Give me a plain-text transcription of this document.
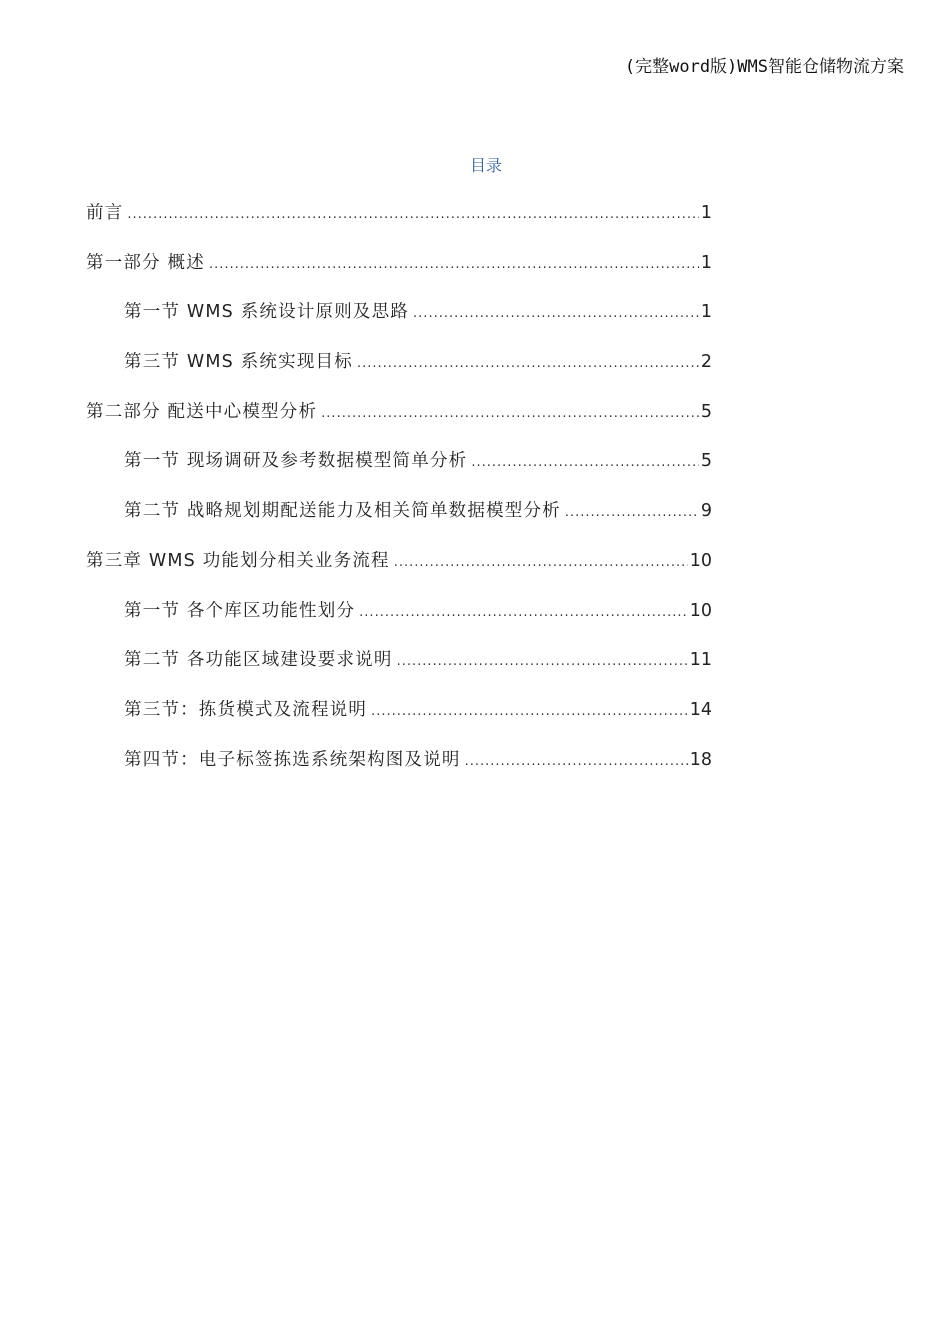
(完整word版)WMS智能仓储物流方案
目录
前言 .....	1
第一部分 概述 .....	1
第一节 WMS 系统设计原则及思路 .....	1
第三节 WMS 系统实现目标 .....	2
第二部分 配送中心模型分析 .....	5
第一节 现场调研及参考数据模型简单分析 .....	5
第二节 战略规划期配送能力及相关简单数据模型分析 .....	9
第三章 WMS 功能划分相关业务流程 .....	10
第一节 各个库区功能性划分 .....	10
第二节 各功能区域建设要求说明 .....	11
第三节：拣货模式及流程说明 .....	14
第四节：电子标签拣选系统架构图及说明 .....	18
